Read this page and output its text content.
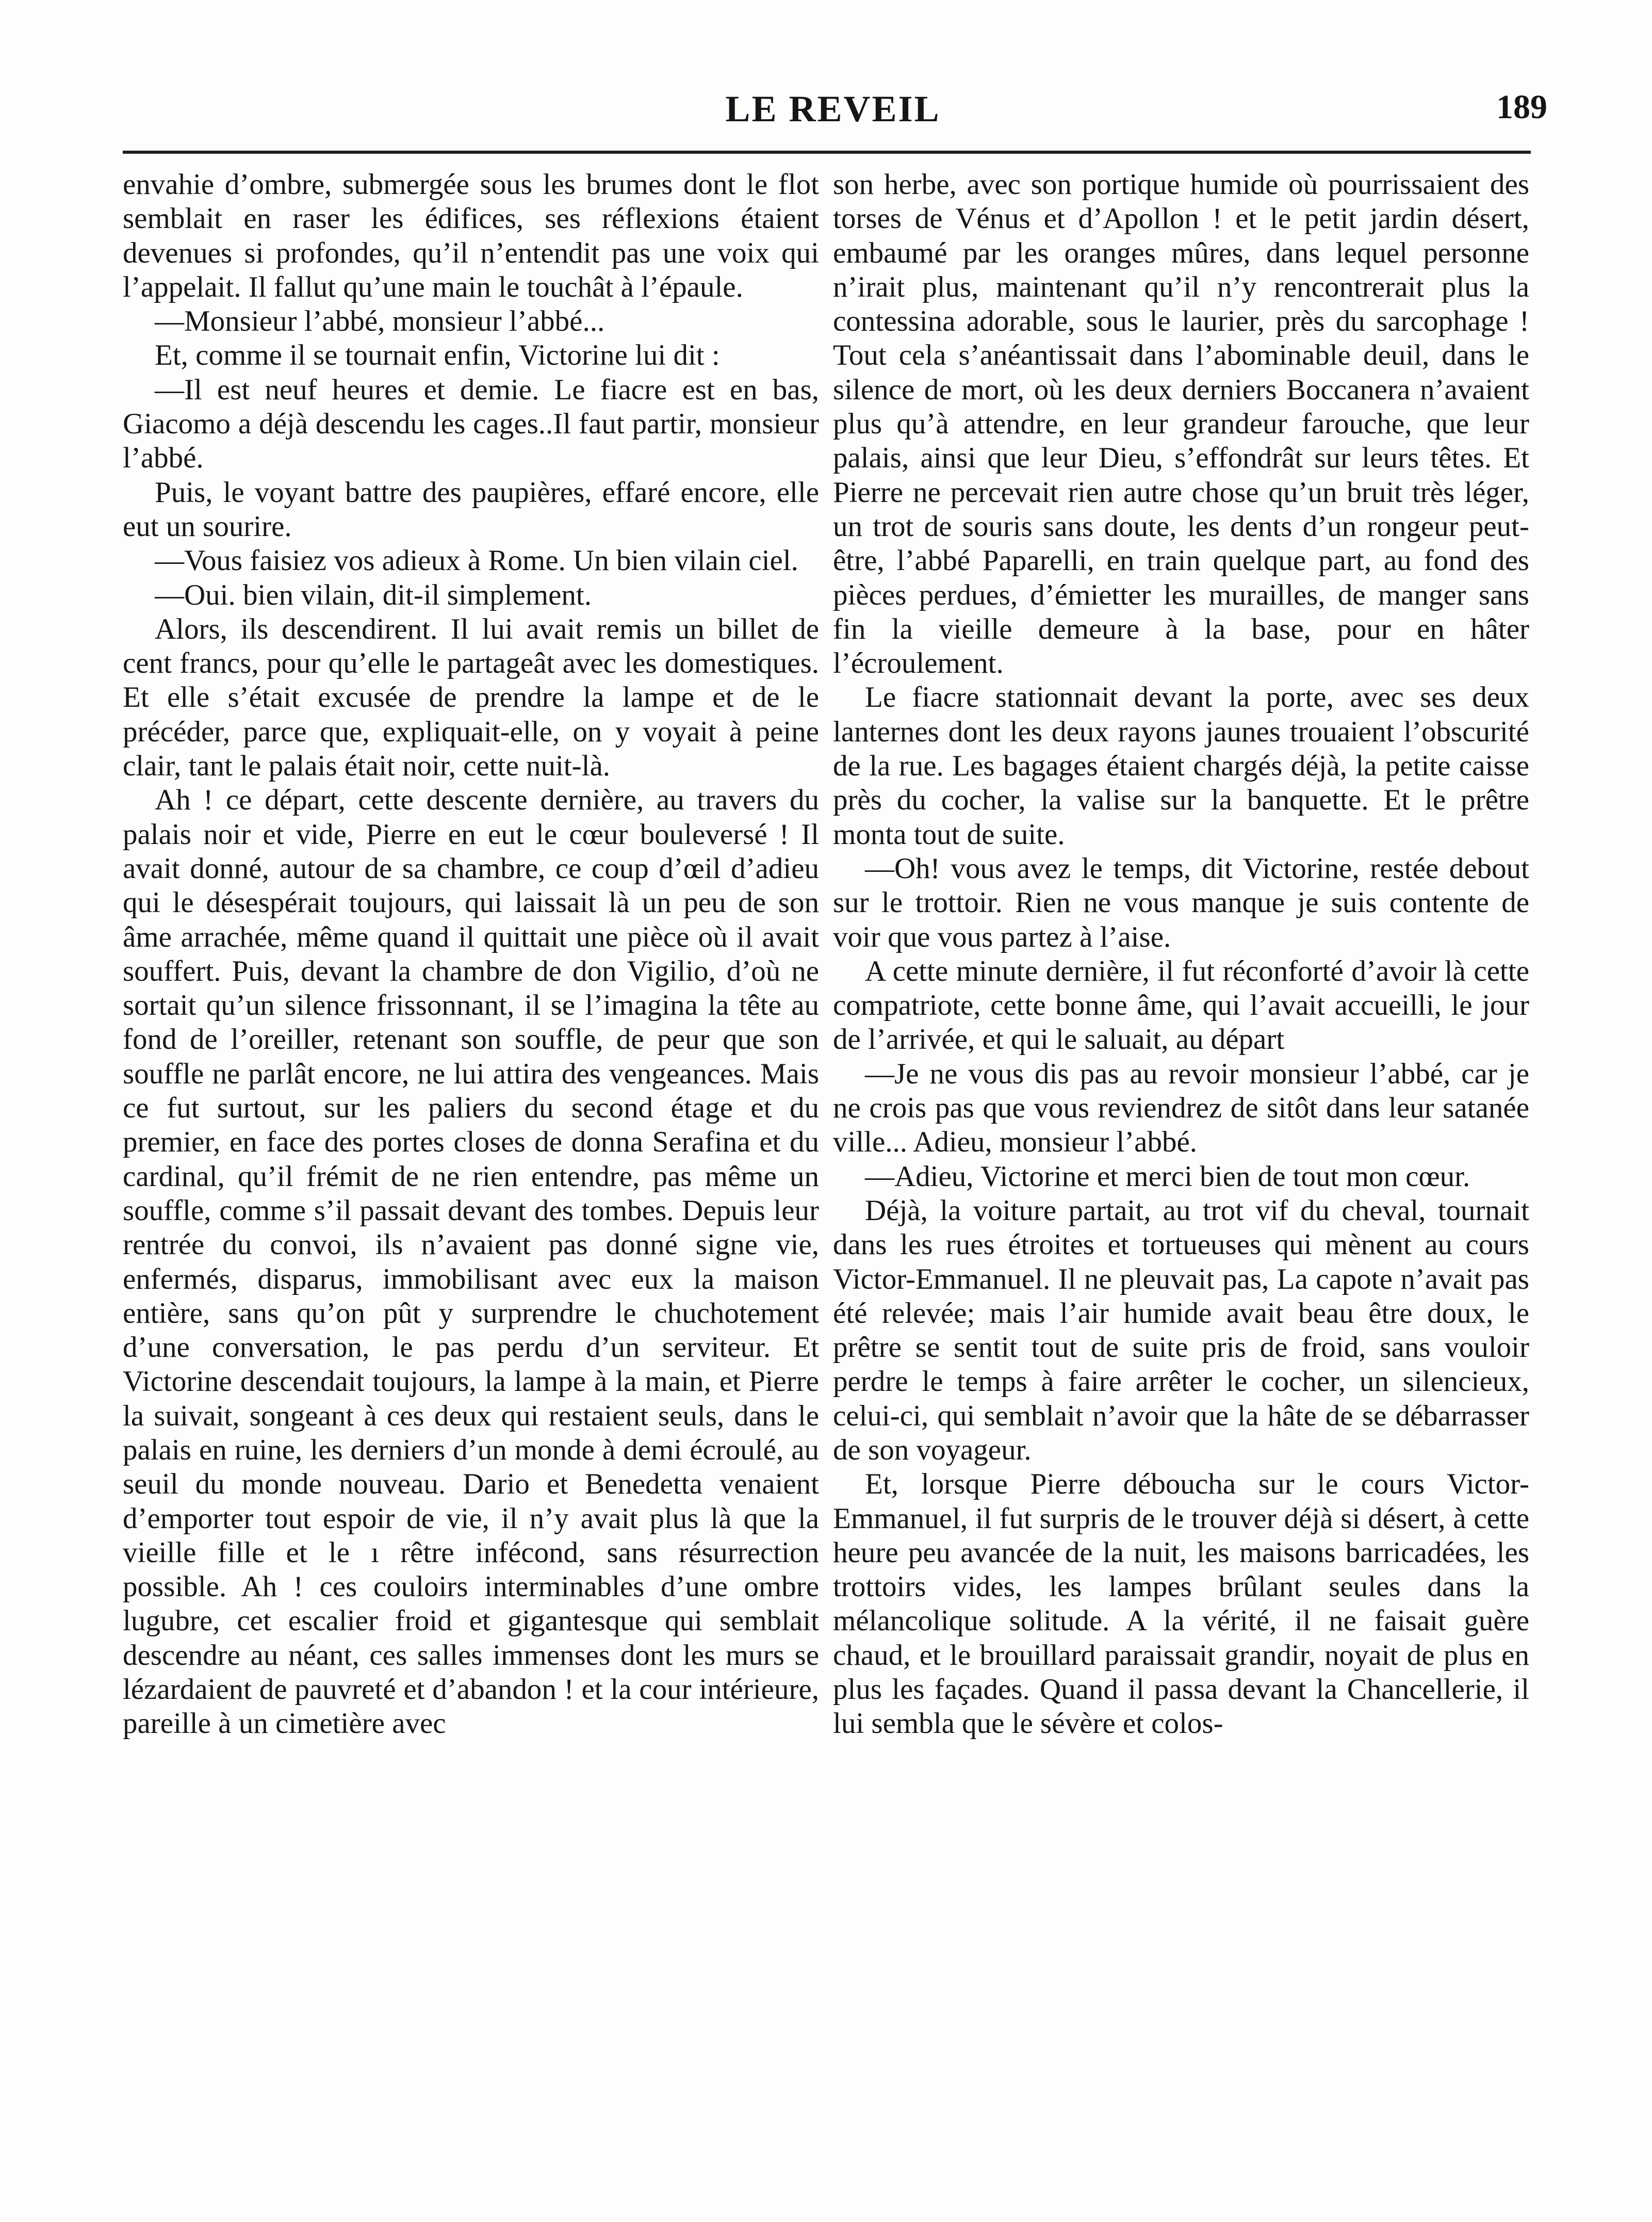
LE REVEIL	189

envahie d’ombre, submergée sous les brumes dont le flot semblait en raser les édifices, ses réflexions étaient devenues si profondes, qu’il n’entendit pas une voix qui l’appelait. Il fallut qu’une main le touchât à l’épaule.

—Monsieur l’abbé, monsieur l’abbé...

Et, comme il se tournait enfin, Victorine lui dit :

—Il est neuf heures et demie. Le fiacre est en bas, Giacomo a déjà descendu les cages..Il faut partir, monsieur l’abbé.

Puis, le voyant battre des paupières, effaré encore, elle eut un sourire.

—Vous faisiez vos adieux à Rome. Un bien vilain ciel.

—Oui. bien vilain, dit-il simplement.

Alors, ils descendirent. Il lui avait remis un billet de cent francs, pour qu’elle le partageât avec les domestiques. Et elle s’était excusée de prendre la lampe et de le précéder, parce que, expliquait-elle, on y voyait à peine clair, tant le palais était noir, cette nuit-là.

Ah ! ce départ, cette descente dernière, au travers du palais noir et vide, Pierre en eut le cœur bouleversé ! Il avait donné, autour de sa chambre, ce coup d’œil d’adieu qui le désespérait toujours, qui laissait là un peu de son âme arrachée, même quand il quittait une pièce où il avait souffert. Puis, devant la chambre de don Vigilio, d’où ne sortait qu’un silence frissonnant, il se l’imagina la tête au fond de l’oreiller, retenant son souffle, de peur que son souffle ne parlât encore, ne lui attira des vengeances. Mais ce fut surtout, sur les paliers du second étage et du premier, en face des portes closes de donna Serafina et du cardinal, qu’il frémit de ne rien entendre, pas même un souffle, comme s’il passait devant des tombes. Depuis leur rentrée du convoi, ils n’avaient pas donné signe vie, enfermés, disparus, immobilisant avec eux la maison entière, sans qu’on pût y surprendre le chuchotement d’une conversation, le pas perdu d’un serviteur. Et Victorine descendait toujours, la lampe à la main, et Pierre la suivait, songeant à ces deux qui restaient seuls, dans le palais en ruine, les derniers d’un monde à demi écroulé, au seuil du monde nouveau. Dario et Benedetta venaient d’emporter tout espoir de vie, il n’y avait plus là que la vieille fille et le ı rêtre infécond, sans résurrection possible. Ah ! ces couloirs interminables d’une ombre lugubre, cet escalier froid et gigantesque qui semblait descendre au néant, ces salles immenses dont les murs se lézardaient de pauvreté et d’abandon ! et la cour intérieure, pareille à un cimetière avec

son herbe, avec son portique humide où pourrissaient des torses de Vénus et d’Apollon ! et le petit jardin désert, embaumé par les oranges mûres, dans lequel personne n’irait plus, maintenant qu’il n’y rencontrerait plus la contessina adorable, sous le laurier, près du sarcophage ! Tout cela s’anéantissait dans l’abominable deuil, dans le silence de mort, où les deux derniers Boccanera n’avaient plus qu’à attendre, en leur grandeur farouche, que leur palais, ainsi que leur Dieu, s’effondrât sur leurs têtes. Et Pierre ne percevait rien autre chose qu’un bruit très léger, un trot de souris sans doute, les dents d’un rongeur peut-être, l’abbé Paparelli, en train quelque part, au fond des pièces perdues, d’émietter les murailles, de manger sans fin la vieille demeure à la base, pour en hâter l’écroulement.

Le fiacre stationnait devant la porte, avec ses deux lanternes dont les deux rayons jaunes trouaient l’obscurité de la rue. Les bagages étaient chargés déjà, la petite caisse près du cocher, la valise sur la banquette. Et le prêtre monta tout de suite.

—Oh! vous avez le temps, dit Victorine, restée debout sur le trottoir. Rien ne vous manque je suis contente de voir que vous partez à l’aise.

A cette minute dernière, il fut réconforté d’avoir là cette compatriote, cette bonne âme, qui l’avait accueilli, le jour de l’arrivée, et qui le saluait, au départ

—Je ne vous dis pas au revoir monsieur l’abbé, car je ne crois pas que vous reviendrez de sitôt dans leur satanée ville... Adieu, monsieur l’abbé.

—Adieu, Victorine et merci bien de tout mon cœur.

Déjà, la voiture partait, au trot vif du cheval, tournait dans les rues étroites et tortueuses qui mènent au cours Victor-Emmanuel. Il ne pleuvait pas, La capote n’avait pas été relevée; mais l’air humide avait beau être doux, le prêtre se sentit tout de suite pris de froid, sans vouloir perdre le temps à faire arrêter le cocher, un silencieux, celui-ci, qui semblait n’avoir que la hâte de se débarrasser de son voyageur.

Et, lorsque Pierre déboucha sur le cours Victor-Emmanuel, il fut surpris de le trouver déjà si désert, à cette heure peu avancée de la nuit, les maisons barricadées, les trottoirs vides, les lampes brûlant seules dans la mélancolique solitude. A la vérité, il ne faisait guère chaud, et le brouillard paraissait grandir, noyait de plus en plus les façades. Quand il passa devant la Chancellerie, il lui sembla que le sévère et colos-
